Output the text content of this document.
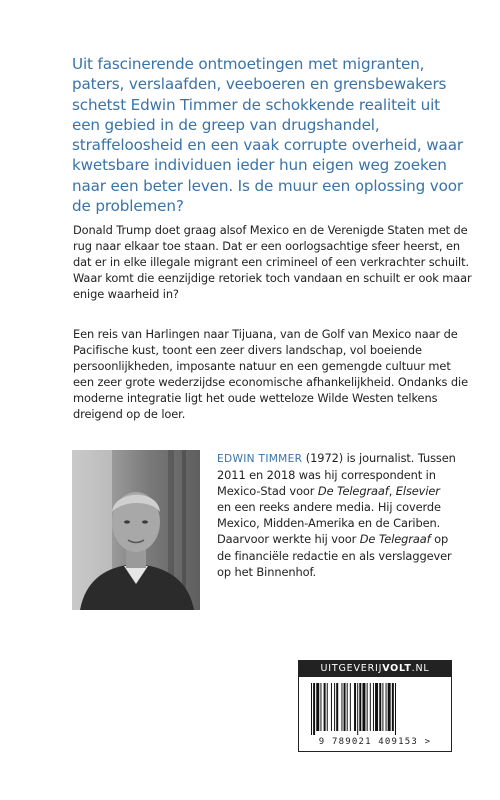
Uit fascinerende ontmoetingen met migranten, paters, verslaafden, veeboeren en grensbewakers schetst Edwin Timmer de schokkende realiteit uit een gebied in de greep van drugshandel, straffeloosheid en een vaak corrupte overheid, waar kwetsbare individuen ieder hun eigen weg zoeken naar een beter leven. Is de muur een oplossing voor de problemen?

Donald Trump doet graag alsof Mexico en de Verenigde Staten met de rug naar elkaar toe staan. Dat er een oorlogsachtige sfeer heerst, en dat er in elke illegale migrant een crimineel of een verkrachter schuilt. Waar komt die eenzijdige retoriek toch vandaan en schuilt er ook maar enige waarheid in?

Een reis van Harlingen naar Tijuana, van de Golf van Mexico naar de Pacifische kust, toont een zeer divers landschap, vol boeiende persoonlijkheden, imposante natuur en een gemengde cultuur met een zeer grote wederzijdse economische afhankelijkheid. Ondanks die moderne integratie ligt het oude wetteloze Wilde Westen telkens dreigend op de loer.

EDWIN TIMMER (1972) is journalist. Tussen 2011 en 2018 was hij correspondent in Mexico-Stad voor De Telegraaf, Elsevier en een reeks andere media. Hij coverde Mexico, Midden-Amerika en de Cariben. Daarvoor werkte hij voor De Telegraaf op de financiële redactie en als verslaggever op het Binnenhof.

UITGEVERIJVOLT.NL
9 789021 409153 >
